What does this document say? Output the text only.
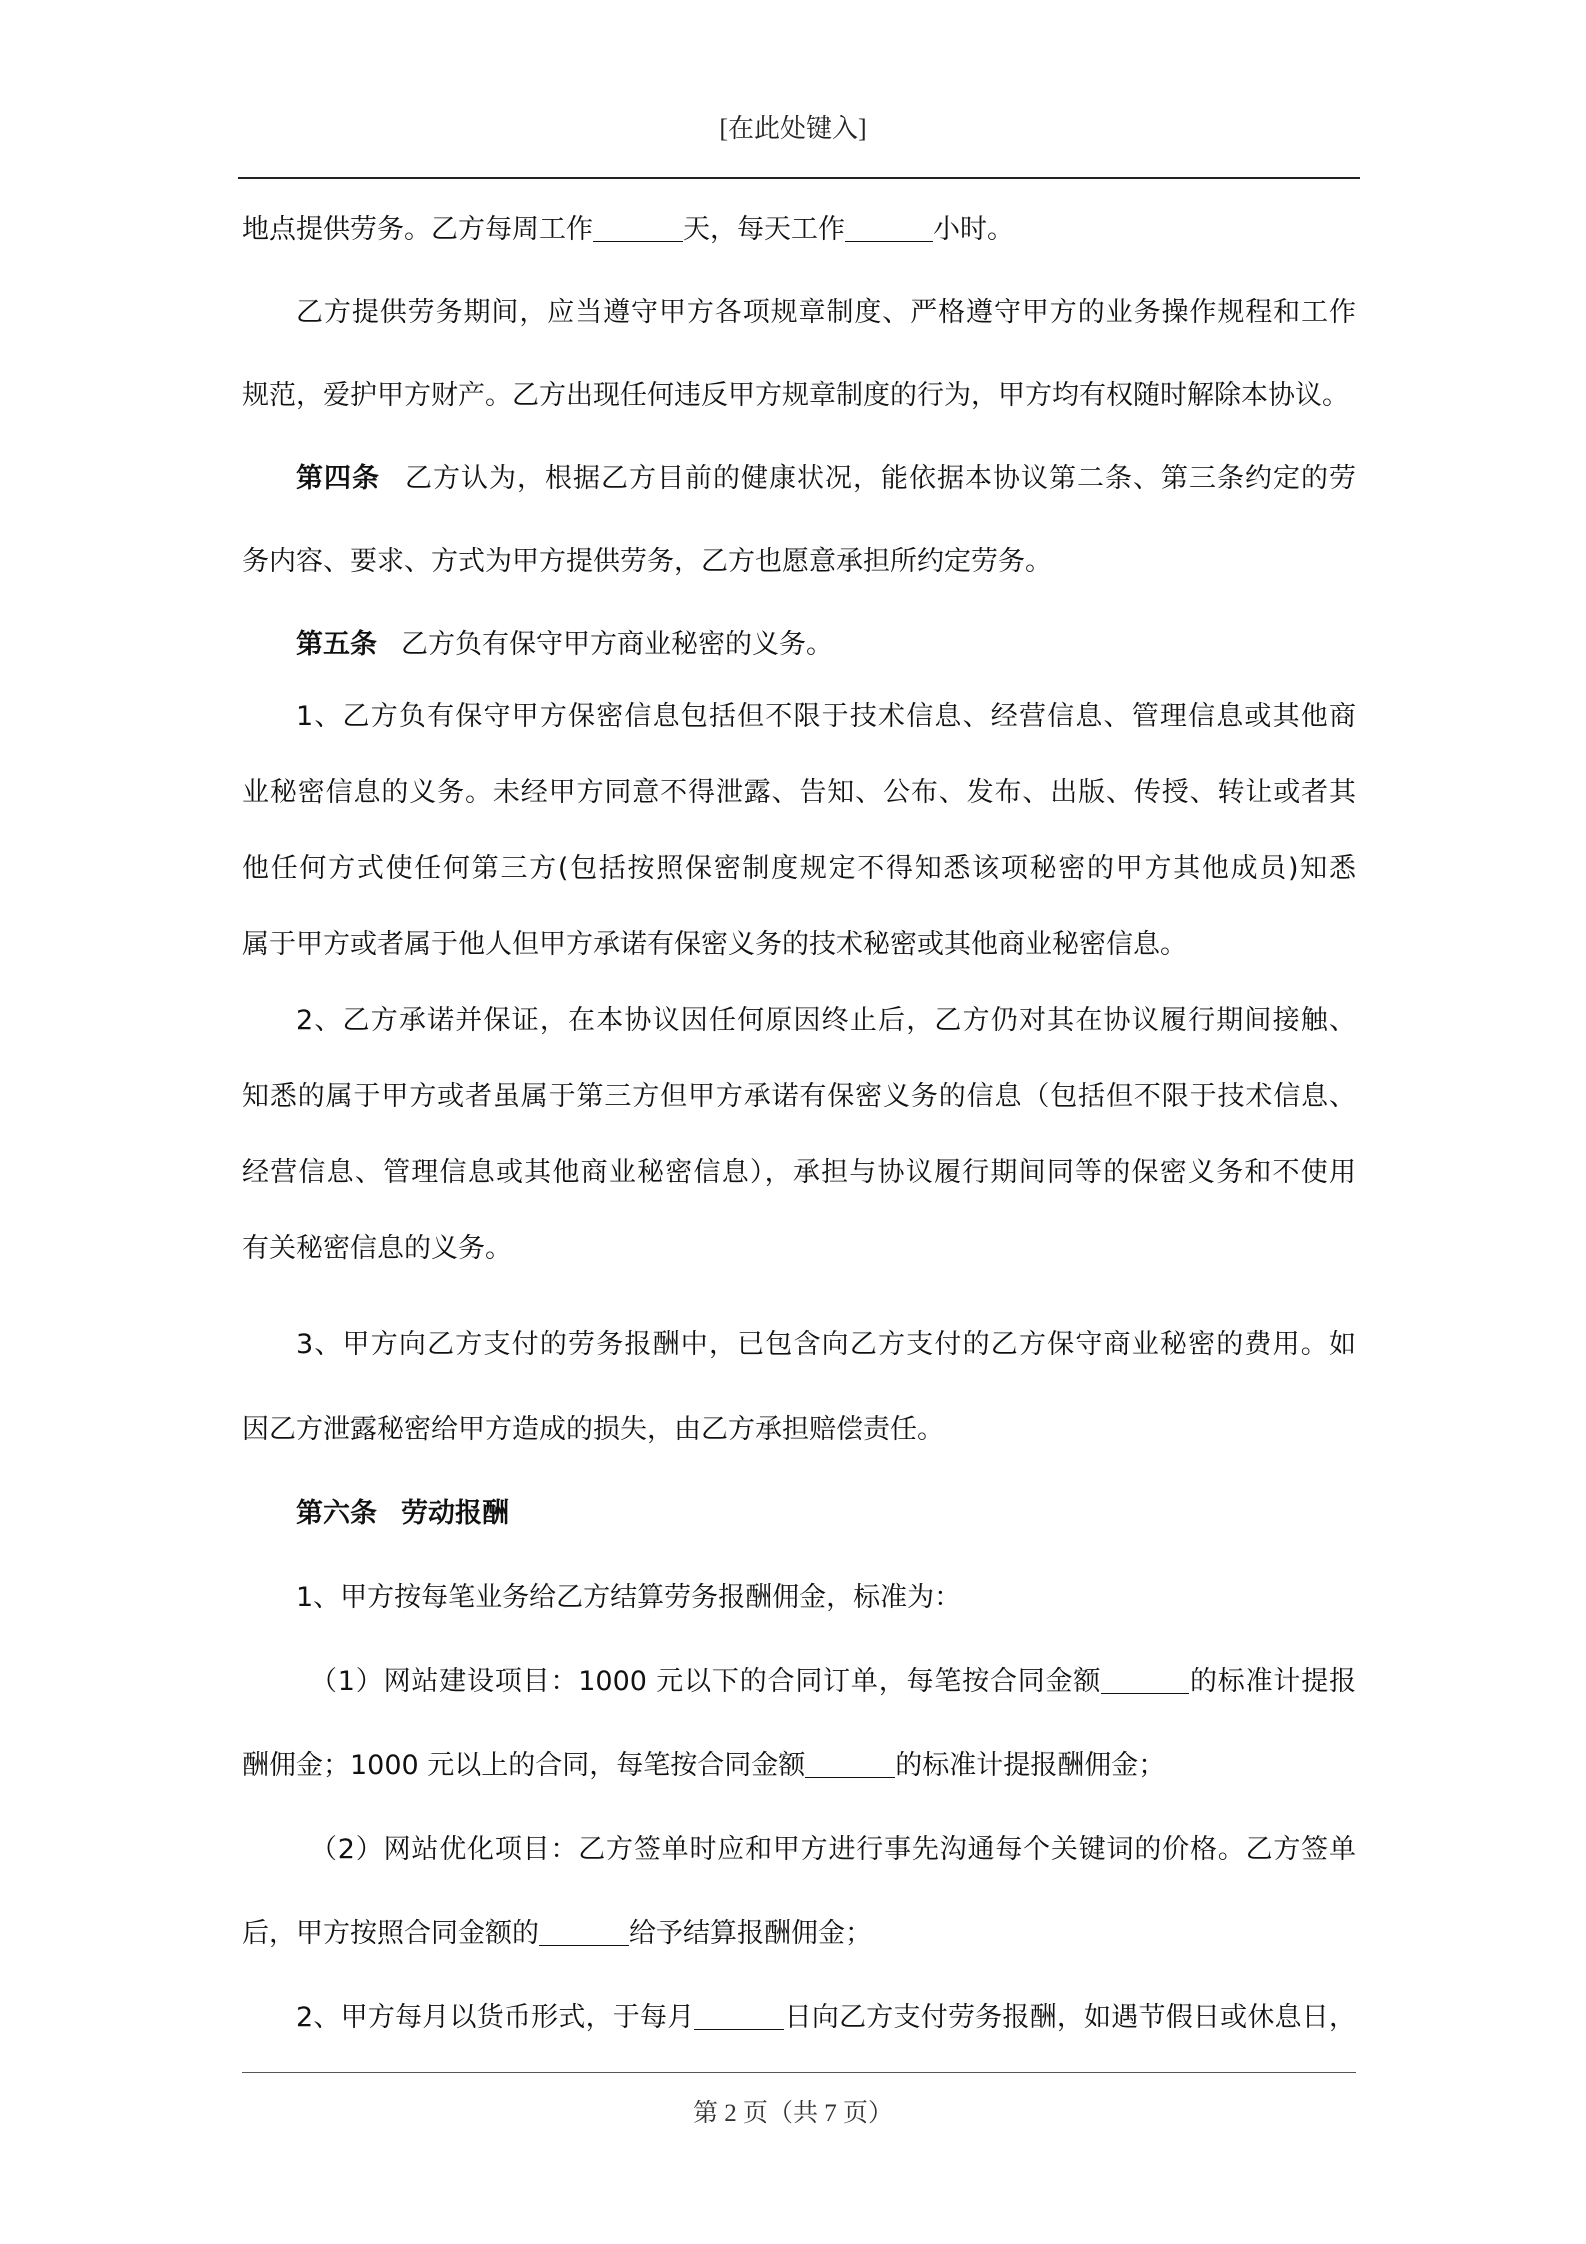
[在此处键入]
地点提供劳务。乙方每周工作	天，每天工作	小时。
乙方提供劳务期间，应当遵守甲方各项规章制度、严格遵守甲方的业务操作规程和工作
规范，爱护甲方财产。乙方出现任何违反甲方规章制度的行为，甲方均有权随时解除本协议。
第四条 乙方认为，根据乙方目前的健康状况，能依据本协议第二条、第三条约定的劳
务内容、要求、方式为甲方提供劳务，乙方也愿意承担所约定劳务。
第五条 乙方负有保守甲方商业秘密的义务。
1、乙方负有保守甲方保密信息包括但不限于技术信息、经营信息、管理信息或其他商
业秘密信息的义务。未经甲方同意不得泄露、告知、公布、发布、出版、传授、转让或者其
他任何方式使任何第三方(包括按照保密制度规定不得知悉该项秘密的甲方其他成员)知悉
属于甲方或者属于他人但甲方承诺有保密义务的技术秘密或其他商业秘密信息。
2、乙方承诺并保证，在本协议因任何原因终止后，乙方仍对其在协议履行期间接触、
知悉的属于甲方或者虽属于第三方但甲方承诺有保密义务的信息（包括但不限于技术信息、
经营信息、管理信息或其他商业秘密信息），承担与协议履行期间同等的保密义务和不使用
有关秘密信息的义务。
3、甲方向乙方支付的劳务报酬中，已包含向乙方支付的乙方保守商业秘密的费用。如
因乙方泄露秘密给甲方造成的损失，由乙方承担赔偿责任。
第六条 劳动报酬
1、甲方按每笔业务给乙方结算劳务报酬佣金，标准为：
（1）网站建设项目：1000 元以下的合同订单，每笔按合同金额	的标准计提报
酬佣金；1000 元以上的合同，每笔按合同金额	的标准计提报酬佣金；
（2）网站优化项目：乙方签单时应和甲方进行事先沟通每个关键词的价格。乙方签单
后，甲方按照合同金额的	给予结算报酬佣金；
2、甲方每月以货币形式，于每月	日向乙方支付劳务报酬，如遇节假日或休息日，
第 2 页（共 7 页）
